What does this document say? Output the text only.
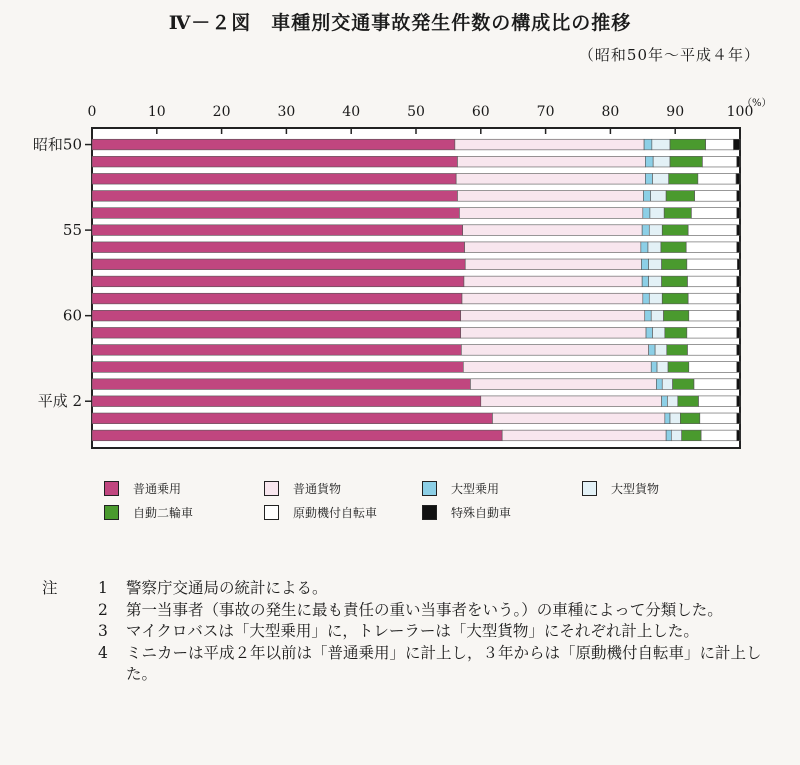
Ⅳ－２図　車種別交通事故発生件数の構成比の推移
（昭和50年～平成４年）
0	10	20	30	40	50	60	70	80	90	100
（%）
昭和50
55
60
平成 2
普通乗用	普通貨物	大型乗用	大型貨物
自動二輪車	原動機付自転車	特殊自動車
注	1	警察庁交通局の統計による。
2	第一当事者（事故の発生に最も責任の重い当事者をいう。）の車種によって分類した。
3	マイクロバスは「大型乗用」に，トレーラーは「大型貨物」にそれぞれ計上した。
4	ミニカーは平成２年以前は「普通乗用」に計上し，３年からは「原動機付自転車」に計上した。
